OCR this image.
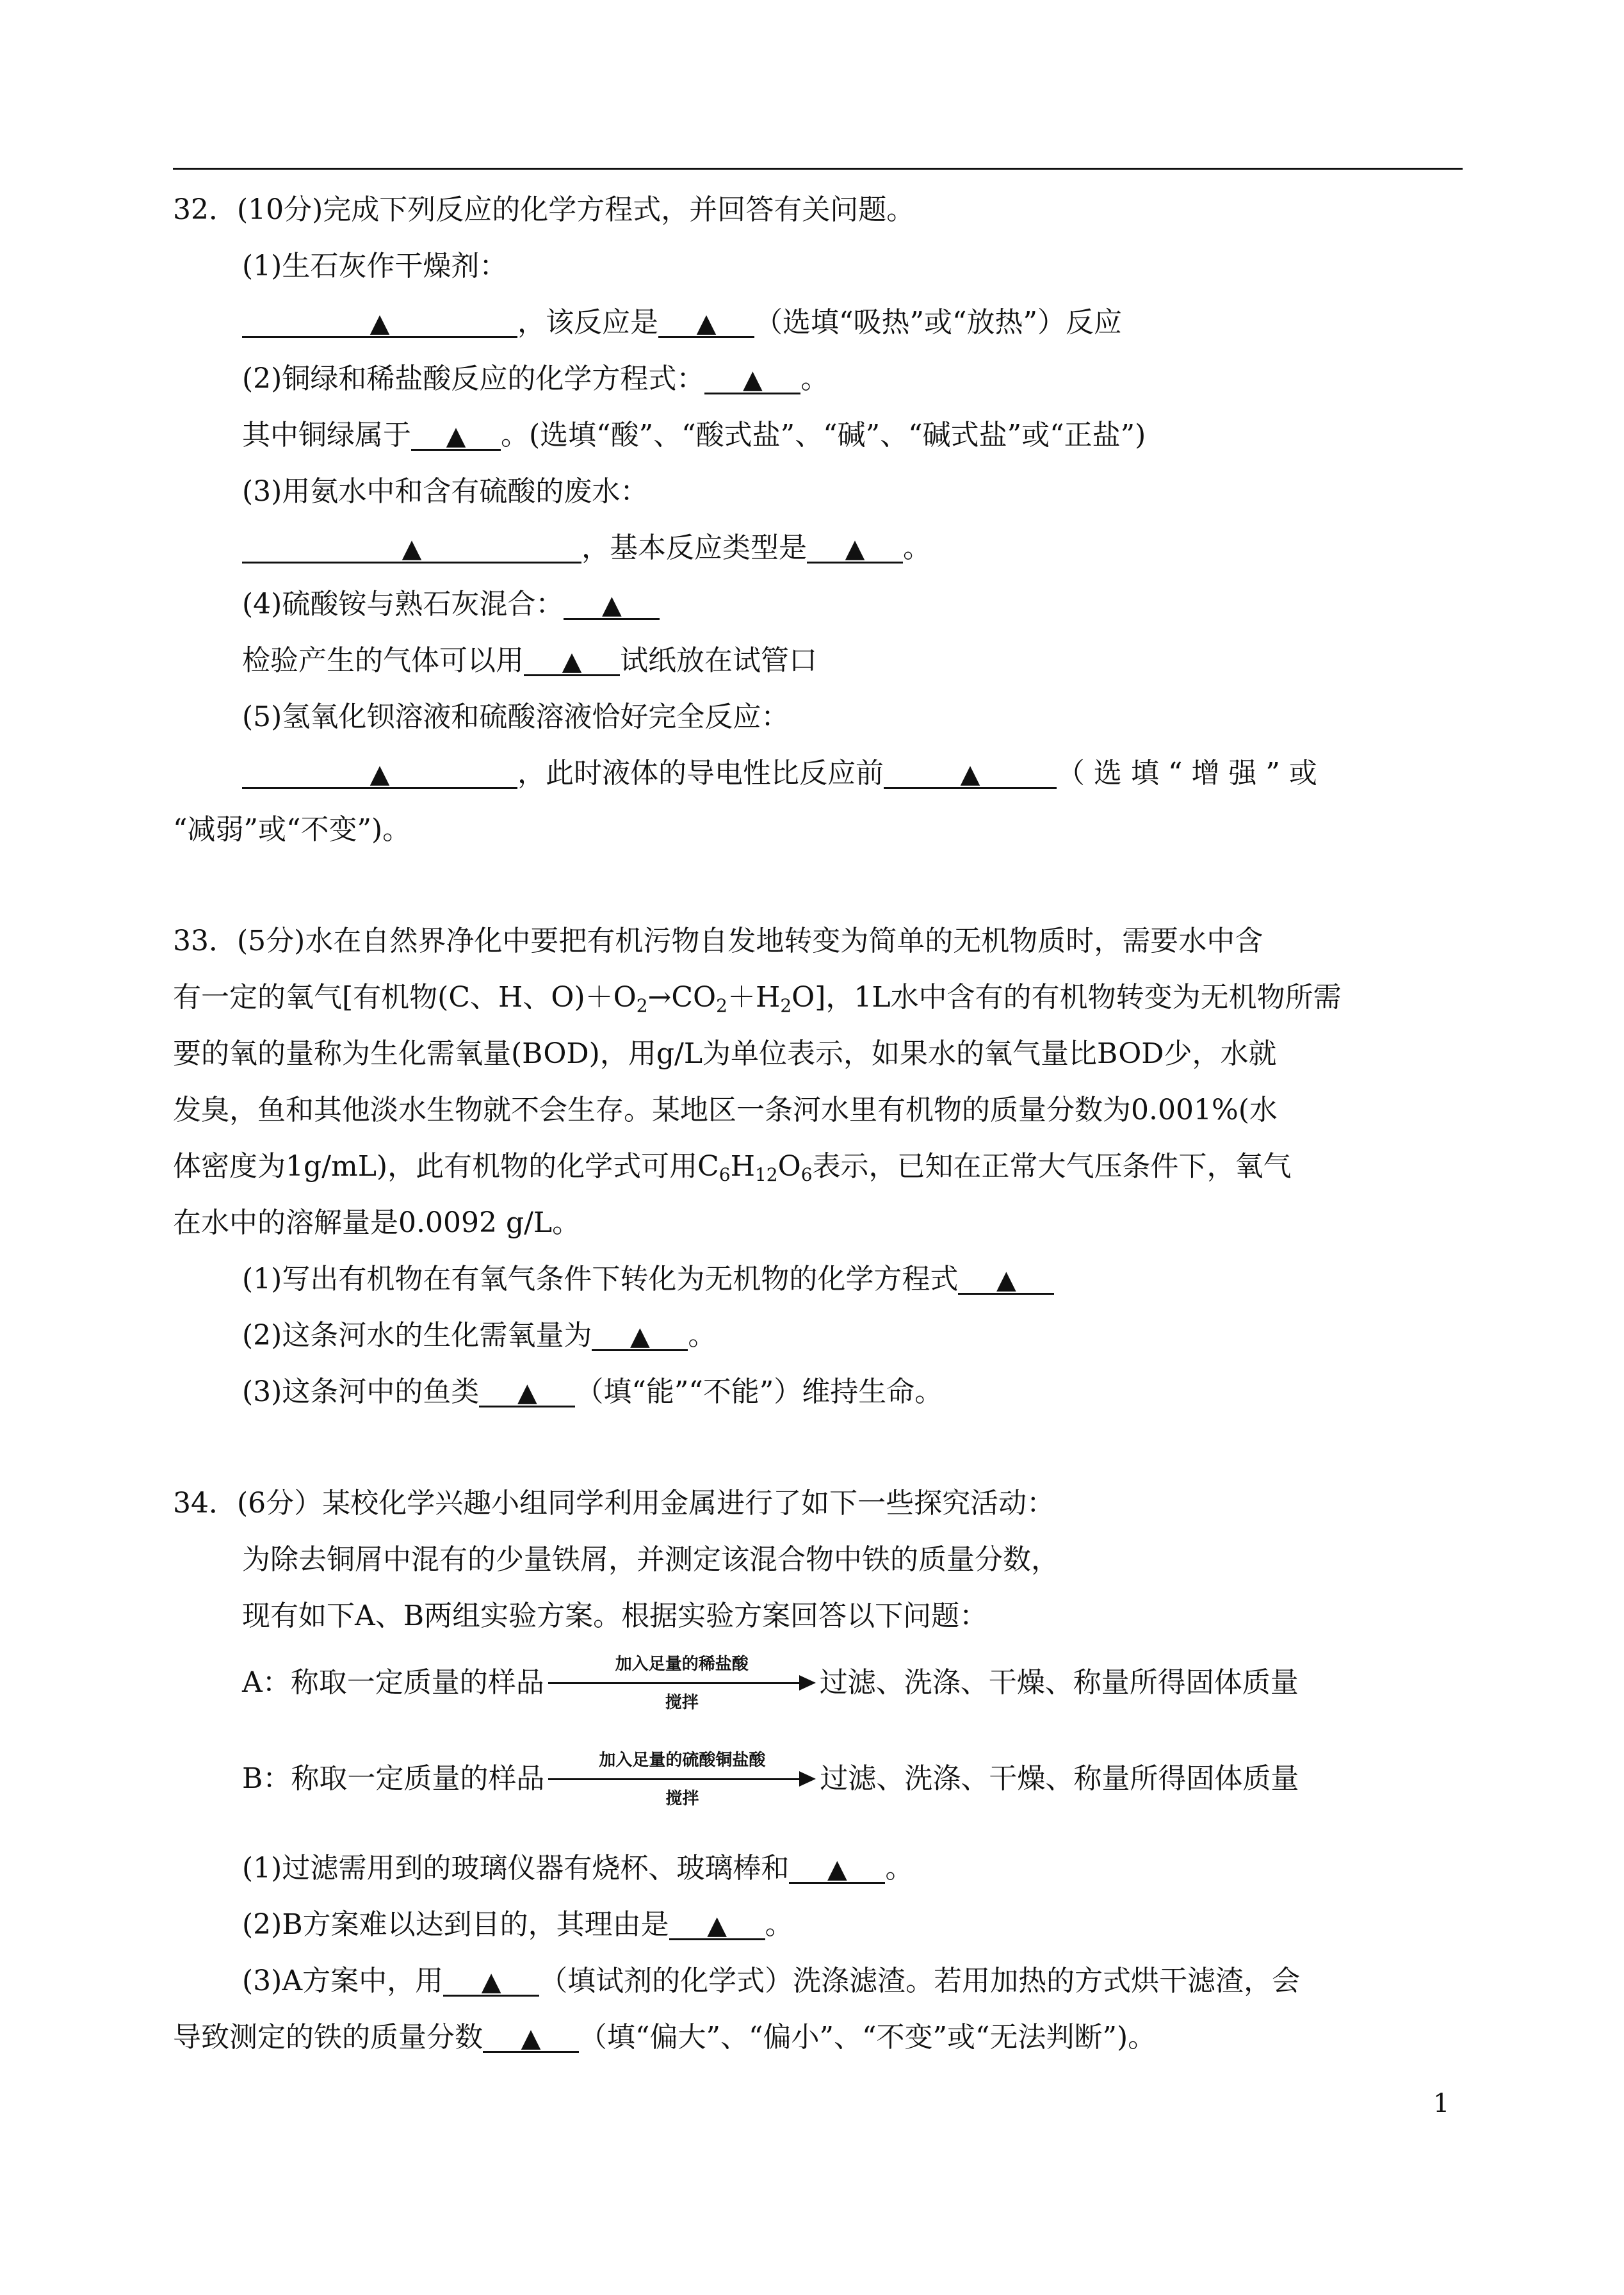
32．(10分)完成下列反应的化学方程式，并回答有关问题。
(1)生石灰作干燥剂：
▲	，该反应是 ▲ （选填“吸热”或“放热”）反应
(2)铜绿和稀盐酸反应的化学方程式： ▲ 。
其中铜绿属于 ▲ 。(选填“酸”、“酸式盐”、“碱”、“碱式盐”或“正盐”)
(3)用氨水中和含有硫酸的废水：
▲	，基本反应类型是 ▲ 。
(4)硫酸铵与熟石灰混合： ▲
检验产生的气体可以用 ▲ 试纸放在试管口
(5)氢氧化钡溶液和硫酸溶液恰好完全反应：
▲	，此时液体的导电性比反应前	▲	（ 选 填 “ 增 强 ” 或
“减弱”或“不变”)。
33．(5分)水在自然界净化中要把有机污物自发地转变为简单的无机物质时，需要水中含
有一定的氧气[有机物(C、H、$O)+O_2\to CO_2+H_2O$]，1L水中含有的有机物转变为无机物所需
要的氧的量称为生化需氧量(BOD)，用g/L为单位表示，如果水的氧气量比BOD少，水就
发臭，鱼和其他淡水生物就不会生存。某地区一条河水里有机物的质量分数为0.001%(水
体密度为1g/mL)，此有机物的化学式可用$C_6H_{12}O_6$表示，已知在正常大气压条件下，氧气
在水中的溶解量是0.0092 g/L。
(1)写出有机物在有氧气条件下转化为无机物的化学方程式 ▲
(2)这条河水的生化需氧量为 ▲ 。
(3)这条河中的鱼类 ▲ （填“能”“不能”）维持生命。
34．(6分）某校化学兴趣小组同学利用金属进行了如下一些探究活动：
为除去铜屑中混有的少量铁屑，并测定该混合物中铁的质量分数，
现有如下A、B两组实验方案。根据实验方案回答以下问题：
A：称取一定质量的样品
加入足量的稀盐酸
搅拌
过滤、洗涤、干燥、称量所得固体质量
B：称取一定质量的样品
加入足量的硫酸铜盐酸
搅拌
过滤、洗涤、干燥、称量所得固体质量
(1)过滤需用到的玻璃仪器有烧杯、玻璃棒和 ▲ 。
(2)B方案难以达到目的，其理由是 ▲ 。
(3)A方案中，用 ▲ （填试剂的化学式）洗涤滤渣。若用加热的方式烘干滤渣，会
导致测定的铁的质量分数 ▲ （填“偏大”、“偏小”、“不变”或“无法判断”)。
1
